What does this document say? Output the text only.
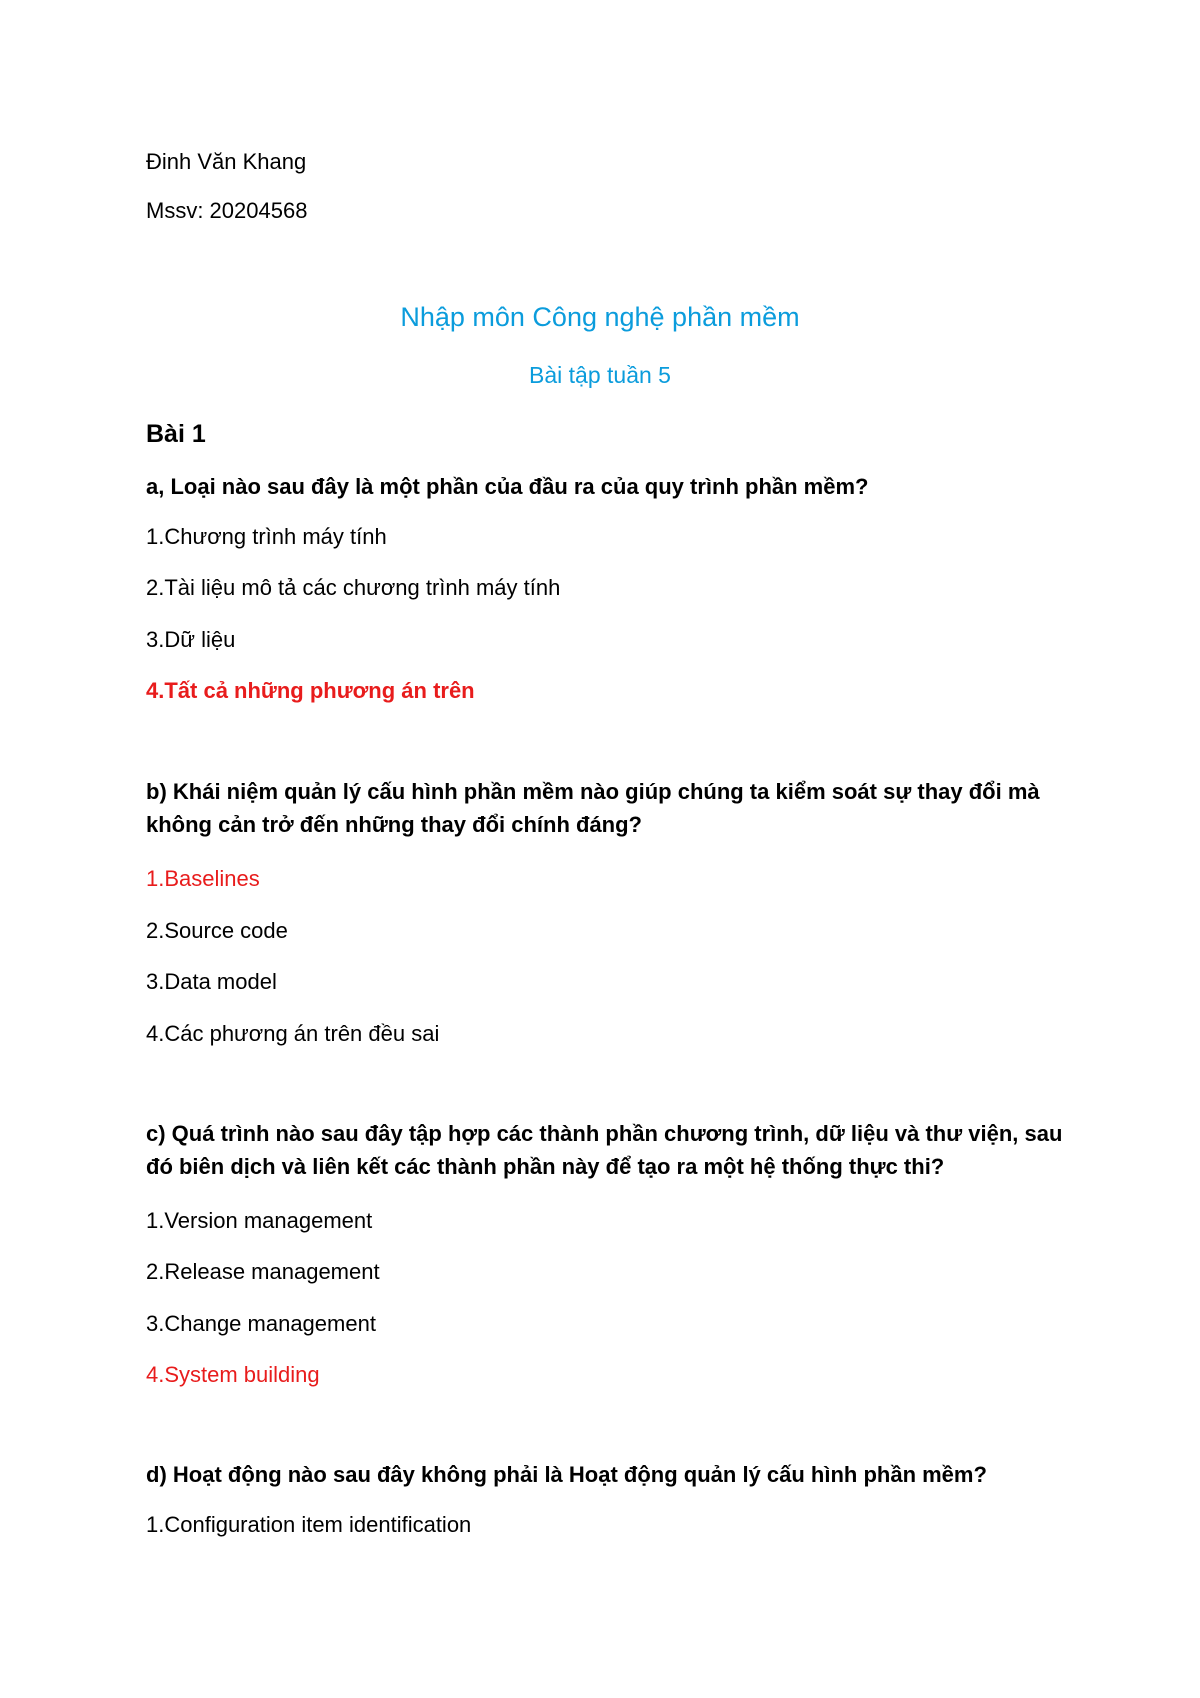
Đinh Văn Khang
Mssv: 20204568
Nhập môn Công nghệ phần mềm
Bài tập tuần 5
Bài 1
a, Loại nào sau đây là một phần của đầu ra của quy trình phần mềm?
1.Chương trình máy tính
2.Tài liệu mô tả các chương trình máy tính
3.Dữ liệu
4.Tất cả những phương án trên
b) Khái niệm quản lý cấu hình phần mềm nào giúp chúng ta kiểm soát sự thay đổi mà không cản trở đến những thay đổi chính đáng?
1.Baselines
2.Source code
3.Data model
4.Các phương án trên đều sai
c) Quá trình nào sau đây tập hợp các thành phần chương trình, dữ liệu và thư viện, sau đó biên dịch và liên kết các thành phần này để tạo ra một hệ thống thực thi?
1.Version management
2.Release management
3.Change management
4.System building
d) Hoạt động nào sau đây không phải là Hoạt động quản lý cấu hình phần mềm?
1.Configuration item identification
